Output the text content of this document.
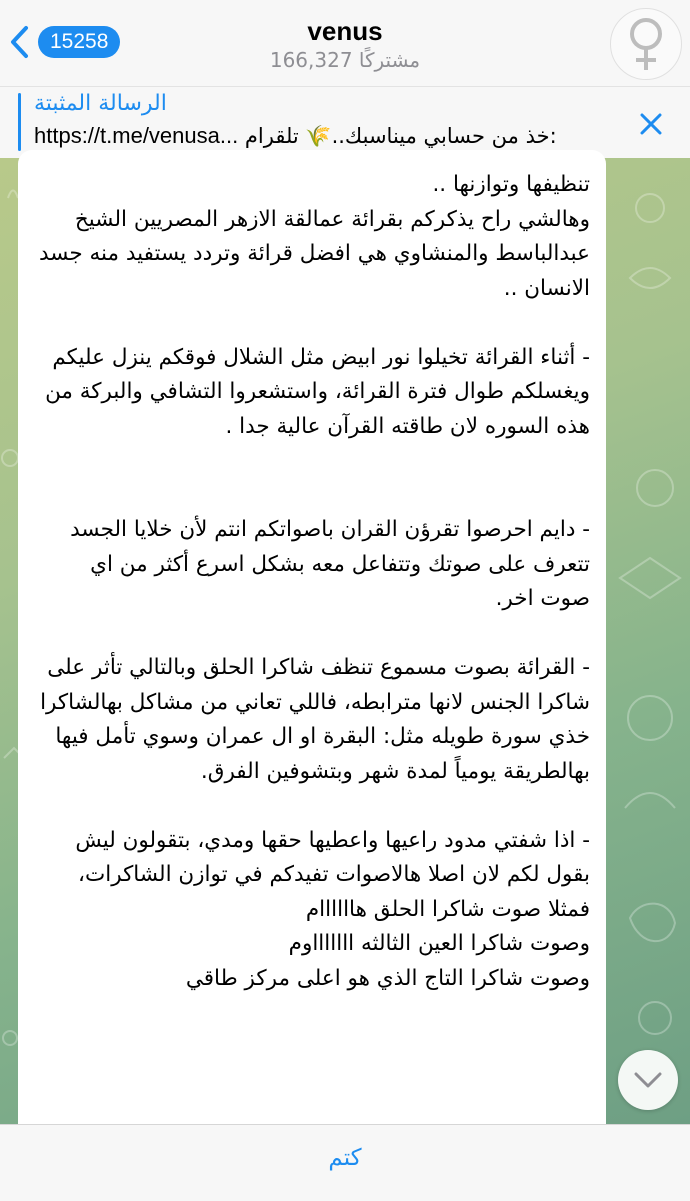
15258	venus
166,327 مشتركًا
الرسالة المثبتة
https://t.me/venusa... خذ من حسابي ميناسبك..🌾 تلقرام:
تنظيفها وتوازنها ..
وهالشي راح يذكركم بقرائة عمالقة الازهر المصريين الشيخ عبدالباسط والمنشاوي هي افضل قرائة وتردد يستفيد منه جسد الانسان ..

- أثناء القرائة تخيلوا نور ابيض مثل الشلال فوقكم ينزل عليكم ويغسلكم طوال فترة القرائة، واستشعروا التشافي والبركة من هذه السوره لان طاقته القرآن عالية جدا .

- دايم احرصوا تقرؤن القران باصواتكم انتم لأن خلايا الجسد تتعرف على صوتك وتتفاعل معه بشكل اسرع أكثر من اي صوت اخر.

- القرائة بصوت مسموع تنظف شاكرا الحلق وبالتالي تأثر على شاكرا الجنس لانها مترابطه، فاللي تعاني من مشاكل بهالشاكرا خذي سورة طويله مثل: البقرة او ال عمران وسوي تأمل فيها بهالطريقة يومياً لمدة شهر وبتشوفين الفرق.

- اذا شفتي مدود راعيها واعطيها حقها ومدي، بتقولون ليش بقول لكم لان اصلا هالاصوات تفيدكم في توازن الشاكرات، فمثلا صوت شاكرا الحلق هاااااام
وصوت شاكرا العين الثالثه اااااااوم
وصوت شاكرا التاج الذي هو اعلى مركز طاقي
كتم
